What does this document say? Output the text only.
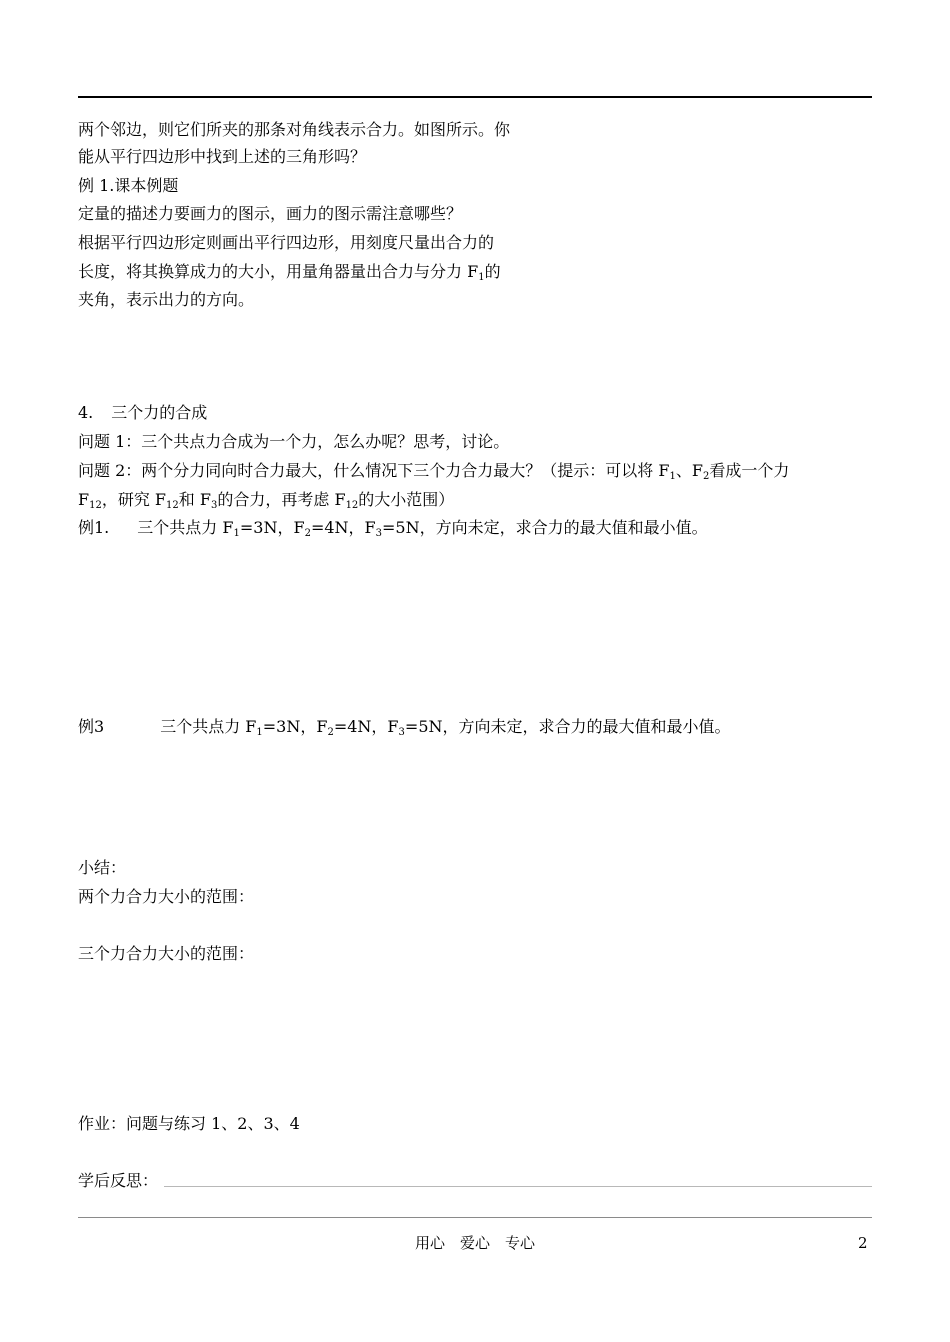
两个邻边，则它们所夹的那条对角线表示合力。如图所示。你
能从平行四边形中找到上述的三角形吗？
例 1.课本例题
定量的描述力要画力的图示，画力的图示需注意哪些？
根据平行四边形定则画出平行四边形，用刻度尺量出合力的
长度，将其换算成力的大小，用量角器量出合力与分力 F1的
夹角，表示出力的方向。
4. 三个力的合成
问题 1：三个共点力合成为一个力，怎么办呢？思考，讨论。
问题 2：两个分力同向时合力最大，什么情况下三个力合力最大？（提示：可以将 F1、F2看成一个力
F12，研究 F12和 F3的合力，再考虑 F12的大小范围）
例1. 三个共点力 F1=3N，F2=4N，F3=5N，方向未定，求合力的最大值和最小值。
例3	三个共点力 F1=3N，F2=4N，F3=5N，方向未定，求合力的最大值和最小值。
小结：
两个力合力大小的范围：
三个力合力大小的范围：
作业：问题与练习 1、2、3、4
学后反思：
用心　爱心　专心	2
